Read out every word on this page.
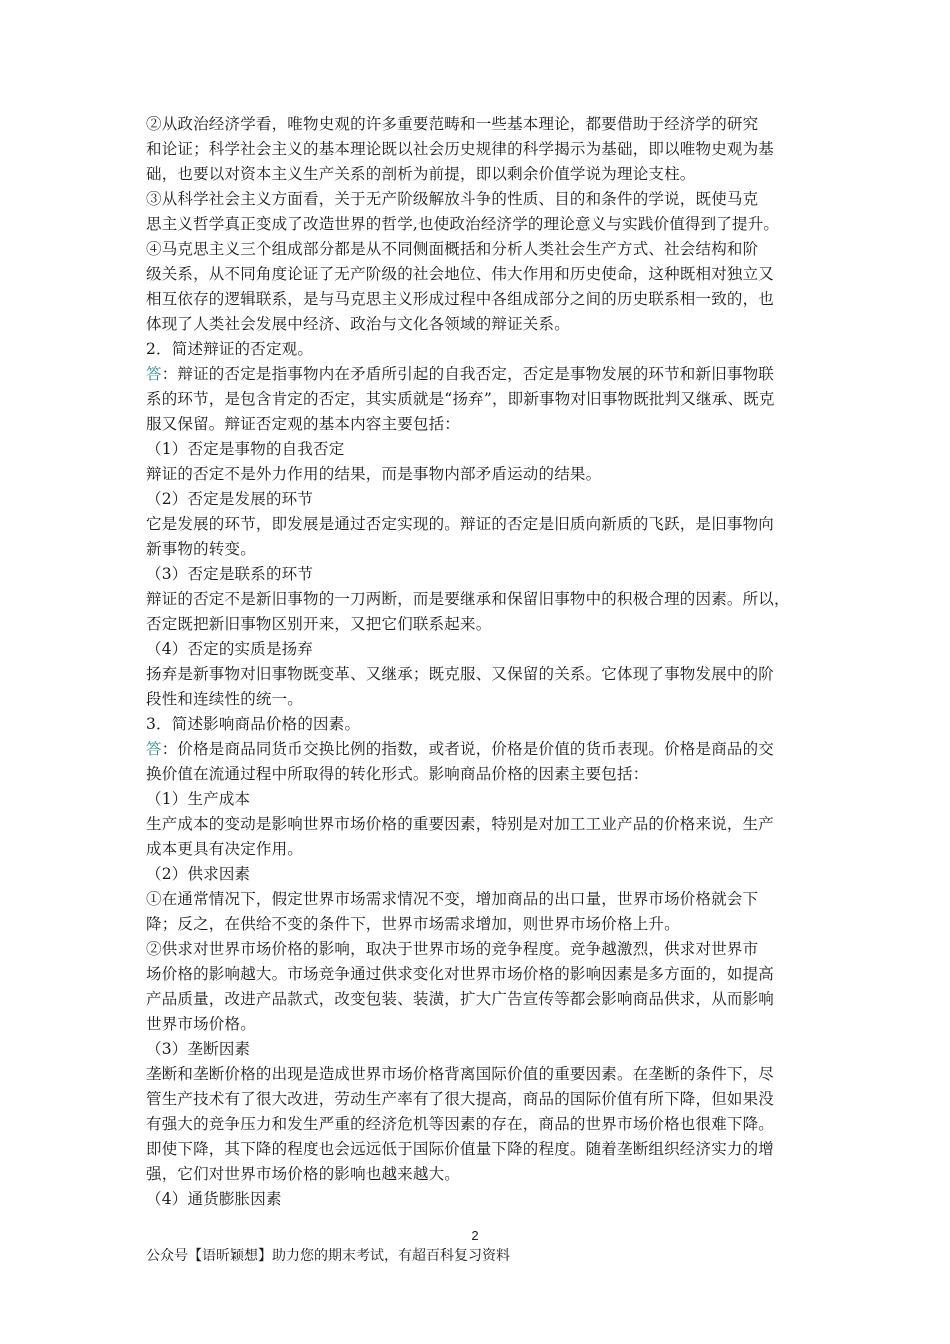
②从政治经济学看，唯物史观的许多重要范畴和一些基本理论，都要借助于经济学的研究
和论证；科学社会主义的基本理论既以社会历史规律的科学揭示为基础，即以唯物史观为基
础，也要以对资本主义生产关系的剖析为前提，即以剩余价值学说为理论支柱。
③从科学社会主义方面看，关于无产阶级解放斗争的性质、目的和条件的学说，既使马克
思主义哲学真正变成了改造世界的哲学,也使政治经济学的理论意义与实践价值得到了提升。
④马克思主义三个组成部分都是从不同侧面概括和分析人类社会生产方式、社会结构和阶
级关系，从不同角度论证了无产阶级的社会地位、伟大作用和历史使命，这种既相对独立又
相互依存的逻辑联系，是与马克思主义形成过程中各组成部分之间的历史联系相一致的，也
体现了人类社会发展中经济、政治与文化各领域的辩证关系。
2．简述辩证的否定观。
答：辩证的否定是指事物内在矛盾所引起的自我否定，否定是事物发展的环节和新旧事物联
系的环节，是包含肯定的否定，其实质就是“扬弃”，即新事物对旧事物既批判又继承、既克
服又保留。辩证否定观的基本内容主要包括：
（1）否定是事物的自我否定
辩证的否定不是外力作用的结果，而是事物内部矛盾运动的结果。
（2）否定是发展的环节
它是发展的环节，即发展是通过否定实现的。辩证的否定是旧质向新质的飞跃，是旧事物向
新事物的转变。
（3）否定是联系的环节
辩证的否定不是新旧事物的一刀两断，而是要继承和保留旧事物中的积极合理的因素。所以，
否定既把新旧事物区别开来，又把它们联系起来。
（4）否定的实质是扬弃
扬弃是新事物对旧事物既变革、又继承；既克服、又保留的关系。它体现了事物发展中的阶
段性和连续性的统一。
3．简述影响商品价格的因素。
答：价格是商品同货币交换比例的指数，或者说，价格是价值的货币表现。价格是商品的交
换价值在流通过程中所取得的转化形式。影响商品价格的因素主要包括：
（1）生产成本
生产成本的变动是影响世界市场价格的重要因素，特别是对加工工业产品的价格来说，生产
成本更具有决定作用。
（2）供求因素
①在通常情况下，假定世界市场需求情况不变，增加商品的出口量，世界市场价格就会下
降；反之，在供给不变的条件下，世界市场需求增加，则世界市场价格上升。
②供求对世界市场价格的影响，取决于世界市场的竞争程度。竞争越激烈，供求对世界市
场价格的影响越大。市场竞争通过供求变化对世界市场价格的影响因素是多方面的，如提高
产品质量，改进产品款式，改变包装、装潢，扩大广告宣传等都会影响商品供求，从而影响
世界市场价格。
（3）垄断因素
垄断和垄断价格的出现是造成世界市场价格背离国际价值的重要因素。在垄断的条件下，尽
管生产技术有了很大改进，劳动生产率有了很大提高，商品的国际价值有所下降，但如果没
有强大的竞争压力和发生严重的经济危机等因素的存在，商品的世界市场价格也很难下降。
即使下降，其下降的程度也会远远低于国际价值量下降的程度。随着垄断组织经济实力的增
强，它们对世界市场价格的影响也越来越大。
（4）通货膨胀因素
2
公众号【语昕颖想】助力您的期末考试，有超百科复习资料
